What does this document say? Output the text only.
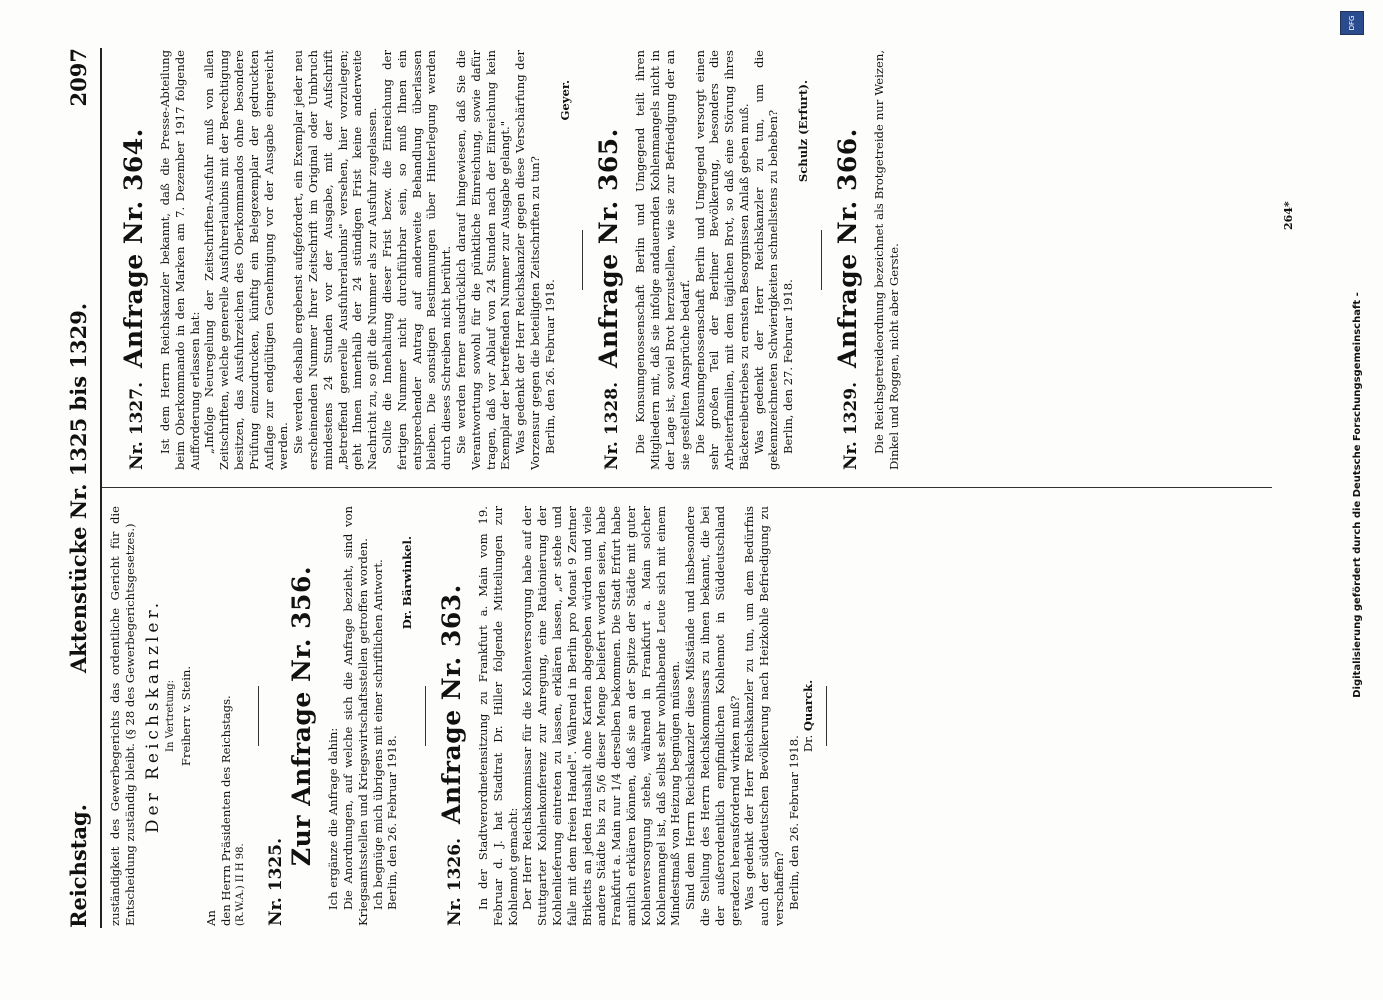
Reichstag.
Aktenstücke Nr. 1325 bis 1329.
2097

zuständigkeit des Gewerbegerichts das ordentliche Gericht für die Entscheidung zuständig bleibt. (§ 28 des Gewerbegerichtsgesetzes.) Der Reichskanzler. In Vertretung: Freiherr v. Stein.

An den Herrn Präsidenten des Reichstags. (R.W.A.) II H 98. Nr. 1325.
Zur Anfrage Nr. 356. Ich ergänze die Anfrage dahin: Die Anordnungen, auf welche sich die Anfrage bezieht, sind von Kriegsamtsstellen und Kriegswirtschaftsstellen getroffen worden. Ich begnüge mich übrigens mit einer schriftlichen Antwort. Berlin, den 26. Februar 1918.

Dr. Bärwinkel.
Nr. 1326.
Anfrage Nr. 363. In der Stadtverordnetensitzung zu Frankfurt a. Main vom 19. Februar d. J. hat Stadtrat Dr. Hiller folgende Mitteilungen zur Kohlennot gemacht: Der Herr Reichskommissar für die Kohlenversorgung habe auf der Stuttgarter Kohlenkonferenz zur Anregung, eine Rationierung der Kohlenlieferung eintreten zu lassen, erklären lassen, „er stehe und falle mit dem freien Handel". Während in Berlin pro Monat 9 Zentner Briketts an jeden Haushalt ohne Karten abgegeben würden und viele andere Städte bis zu 5/6 dieser Menge beliefert worden seien, habe Frankfurt a. Main nur 1/4 derselben bekommen. Die Stadt Erfurt habe amtlich erklären können, daß sie an der Spitze der Städte mit guter Kohlenversorgung stehe, während in Frankfurt a. Main solcher Kohlenmangel ist, daß selbst sehr wohlhabende Leute sich mit einem Mindestmaß von Heizung begnügen müssen. Sind dem Herrn Reichskanzler diese Mißstände und insbesondere die Stellung des Herrn Reichskommissars zu ihnen bekannt, die bei der außerordentlich empfindlichen Kohlennot in Süddeutschland geradezu herausfordernd wirken muß? Was gedenkt der Herr Reichskanzler zu tun, um dem Bedürfnis auch der süddeutschen Bevölkerung nach Heizkohle Befriedigung zu verschaffen? Berlin, den 26. Februar 1918. Dr. Quarck.
Nr. 1327.
Anfrage Nr. 364. Ist dem Herrn Reichskanzler bekannt, daß die Presse-Abteilung beim Oberkommando in den Marken am 7. Dezember 1917 folgende Aufforderung erlassen hat: „Infolge Neuregelung der Zeitschriften-Ausfuhr muß von allen Zeitschriften, welche generelle Ausfuhrerlaubnis mit der Berechtigung besitzen, das Ausfuhrzeichen des Oberkommandos ohne besondere Prüfung einzudrucken, künftig ein Belegexemplar der gedruckten Auflage zur endgültigen Genehmigung vor der Ausgabe eingereicht werden. Sie werden deshalb ergebenst aufgefordert, ein Exemplar jeder neu erscheinenden Nummer Ihrer Zeitschrift im Original oder Umbruch mindestens 24 Stunden vor der Ausgabe, mit der Aufschrift „Betreffend generelle Ausfuhrerlaubnis" versehen, hier vorzulegen; geht Ihnen innerhalb der 24 stündigen Frist keine anderweite Nachricht zu, so gilt die Nummer als zur Ausfuhr zugelassen. Sollte die Innehaltung dieser Frist bezw. die Einreichung der fertigen Nummer nicht durchführbar sein, so muß Ihnen ein entsprechender Antrag auf anderweite Behandlung überlassen bleiben. Die sonstigen Bestimmungen über Hinterlegung werden durch dieses Schreiben nicht berührt. Sie werden ferner ausdrücklich darauf hingewiesen, daß Sie die Verantwortung sowohl für die pünktliche Einreichung, sowie dafür tragen, daß vor Ablauf von 24 Stunden nach der Einreichung kein Exemplar der betreffenden Nummer zur Ausgabe gelangt." Was gedenkt der Herr Reichskanzler gegen diese Verschärfung der Vorzensur gegen die beteiligten Zeitschriften zu tun? Berlin, den 26. Februar 1918.

Geyer.
Nr. 1328.
Anfrage Nr. 365. Die Konsumgenossenschaft Berlin und Umgegend teilt ihren Mitgliedern mit, daß sie infolge andauernden Kohlenmangels nicht in der Lage ist, soviel Brot herzustellen, wie sie zur Befriedigung der an sie gestellten Ansprüche bedarf. Die Konsumgenossenschaft Berlin und Umgegend versorgt einen sehr großen Teil der Berliner Bevölkerung, besonders die Arbeiterfamilien, mit dem täglichen Brot, so daß eine Störung ihres Bäckereibetriebes zu ernsten Besorgnissen Anlaß geben muß. Was gedenkt der Herr Reichskanzler zu tun, um die gekennzeichneten Schwierigkeiten schnellstens zu beheben? Berlin, den 27. Februar 1918.

Schulz (Erfurt).
Nr. 1329.
Anfrage Nr. 366. Die Reichsgetreideordnung bezeichnet als Brotgetreide nur Weizen, Dinkel und Roggen, nicht aber Gerste.

264*
Digitalisierung gefördert durch die Deutsche Forschungsgemeinschaft -
DFG
